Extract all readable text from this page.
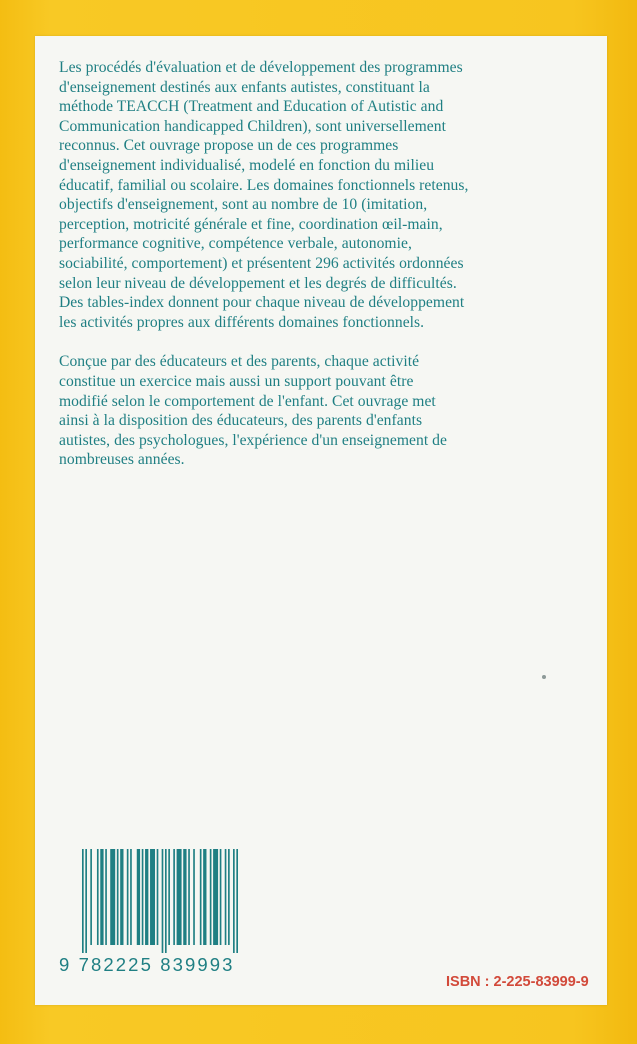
Les procédés d'évaluation et de développement des programmes
d'enseignement destinés aux enfants autistes, constituant la
méthode TEACCH (Treatment and Education of Autistic and
Communication handicapped Children), sont universellement
reconnus. Cet ouvrage propose un de ces programmes
d'enseignement individualisé, modelé en fonction du milieu
éducatif, familial ou scolaire. Les domaines fonctionnels retenus,
objectifs d'enseignement, sont au nombre de 10 (imitation,
perception, motricité générale et fine, coordination œil-main,
performance cognitive, compétence verbale, autonomie,
sociabilité, comportement) et présentent 296 activités ordonnées
selon leur niveau de développement et les degrés de difficultés.
Des tables-index donnent pour chaque niveau de développement
les activités propres aux différents domaines fonctionnels.

Conçue par des éducateurs et des parents, chaque activité
constitue un exercice mais aussi un support pouvant être
modifié selon le comportement de l'enfant. Cet ouvrage met
ainsi à la disposition des éducateurs, des parents d'enfants
autistes, des psychologues, l'expérience d'un enseignement de
nombreuses années.

9 782225 839993
ISBN : 2-225-83999-9
